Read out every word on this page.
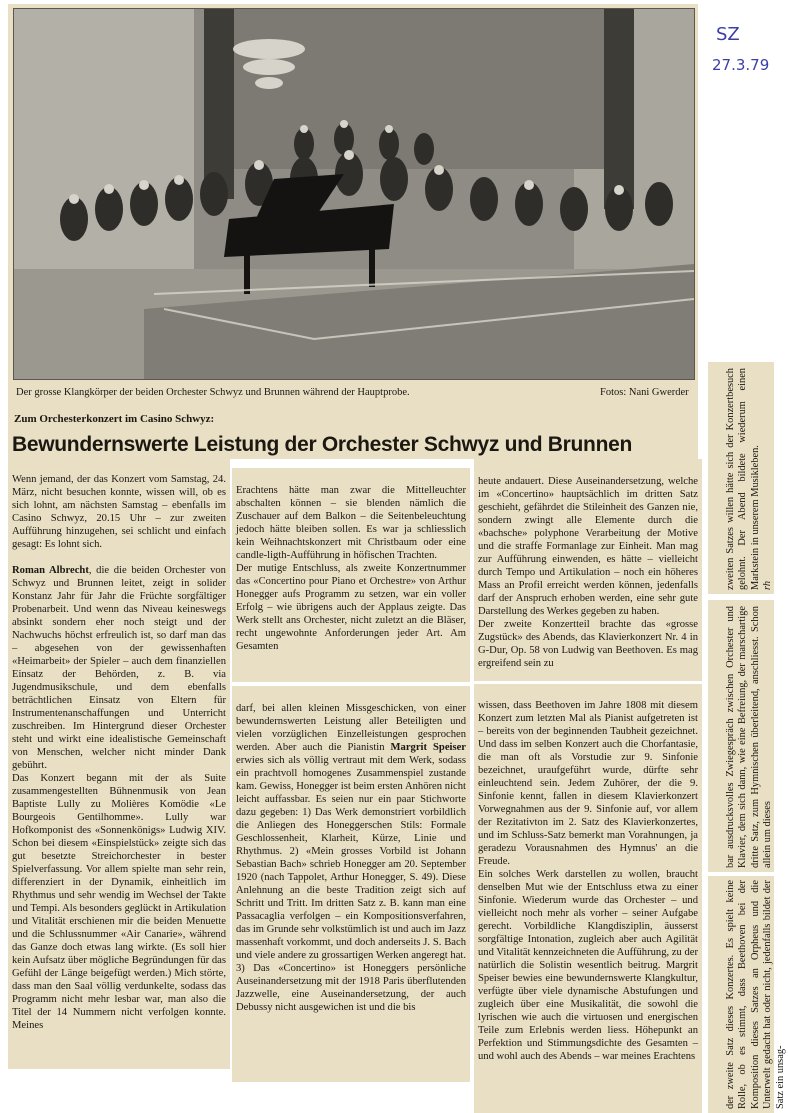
SZ
27.3.79
Der grosse Klangkörper der beiden Orchester Schwyz und Brunnen während der Hauptprobe.	Fotos: Nani Gwerder
Zum Orchesterkonzert im Casino Schwyz:
Bewundernswerte Leistung der Orchester Schwyz und Brunnen

Wenn jemand, der das Konzert vom Samstag, 24. März, nicht besuchen konnte, wissen will, ob es sich lohnt, am nächsten Samstag – ebenfalls im Casino Schwyz, 20.15 Uhr – zur zweiten Aufführung hinzugehen, sei schlicht und einfach gesagt: Es lohnt sich.

Roman Albrecht, die die beiden Orchester von Schwyz und Brunnen leitet, zeigt in solider Konstanz Jahr für Jahr die Früchte sorgfältiger Probenarbeit. Und wenn das Niveau keineswegs absinkt sondern eher noch steigt und der Nachwuchs höchst erfreulich ist, so darf man das – abgesehen von der gewissenhaften «Heimarbeit» der Spieler – auch dem finanziellen Einsatz der Behörden, z. B. via Jugendmusikschule, und dem ebenfalls beträchtlichen Einsatz von Eltern für Instrumentenanschaffungen und Unterricht zuschreiben. Im Hintergrund dieser Orchester steht und wirkt eine idealistische Gemeinschaft von Menschen, welcher nicht minder Dank gebührt.
Das Konzert begann mit der als Suite zusammengestellten Bühnenmusik von Jean Baptiste Lully zu Molières Komödie «Le Bourgeois Gentilhomme». Lully war Hofkomponist des «Sonnenkönigs» Ludwig XIV. Schon bei diesem «Einspielstück» zeigte sich das gut besetzte Streichorchester in bester Spielverfassung. Vor allem spielte man sehr rein, differenziert in der Dynamik, einheitlich im Rhythmus und sehr wendig im Wechsel der Takte und Tempi. Als besonders geglückt in Artikulation und Vitalität erschienen mir die beiden Menuette und die Schlussnummer «Air Canarie», während das Ganze doch etwas lang wirkte. (Es soll hier kein Aufsatz über mögliche Begründungen für das Gefühl der Länge beigefügt werden.) Mich störte, dass man den Saal völlig verdunkelte, sodass das Programm nicht mehr lesbar war, man also die Titel der 14 Nummern nicht verfolgen konnte. Meines

Erachtens hätte man zwar die Mittelleuchter abschalten können – sie blenden nämlich die Zuschauer auf dem Balkon – die Seitenbeleuchtung jedoch hätte bleiben sollen. Es war ja schliesslich kein Weihnachtskonzert mit Christbaum oder eine candle-ligth-Aufführung in höfischen Trachten.
Der mutige Entschluss, als zweite Konzertnummer das «Concertino pour Piano et Orchestre» von Arthur Honegger aufs Programm zu setzen, war ein voller Erfolg – wie übrigens auch der Applaus zeigte. Das Werk stellt ans Orchester, nicht zuletzt an die Bläser, recht ungewohnte Anforderungen jeder Art. Am Gesamten

darf, bei allen kleinen Missgeschicken, von einer bewundernswerten Leistung aller Beteiligten und vielen vorzüglichen Einzelleistungen gesprochen werden. Aber auch die Pianistin Margrit Speiser erwies sich als völlig vertraut mit dem Werk, sodass ein prachtvoll homogenes Zusammenspiel zustande kam. Gewiss, Honegger ist beim ersten Anhören nicht leicht auffassbar. Es seien nur ein paar Stichworte dazu gegeben: 1) Das Werk demonstriert vorbildlich die Anliegen des Honeggerschen Stils: Formale Geschlossenheit, Klarheit, Kürze, Linie und Rhythmus. 2) «Mein grosses Vorbild ist Johann Sebastian Bach» schrieb Honegger am 20. September 1920 (nach Tappolet, Arthur Honegger, S. 49). Diese Anlehnung an die beste Tradition zeigt sich auf Schritt und Tritt. Im dritten Satz z. B. kann man eine Passacaglia verfolgen – ein Kompositionsverfahren, das im Grunde sehr volkstümlich ist und auch im Jazz massenhaft vorkommt, und doch anderseits J. S. Bach und viele andere zu grossartigen Werken angeregt hat. 3) Das «Concertino» ist Honeggers persönliche Auseinandersetzung mit der 1918 Paris überflutenden Jazzwelle, eine Auseinandersetzung, der auch Debussy nicht ausgewichen ist und die bis

heute andauert. Diese Auseinandersetzung, welche im «Concertino» hauptsächlich im dritten Satz geschieht, gefährdet die Stileinheit des Ganzen nie, sondern zwingt alle Elemente durch die «bachsche» polyphone Verarbeitung der Motive und die straffe Formanlage zur Einheit. Man mag zur Aufführung einwenden, es hätte – vielleicht durch Tempo und Artikulation – noch ein höheres Mass an Profil erreicht werden können, jedenfalls darf der Anspruch erhoben werden, eine sehr gute Darstellung des Werkes gegeben zu haben.
Der zweite Konzertteil brachte das «grosse Zugstück» des Abends, das Klavierkonzert Nr. 4 in G-Dur, Op. 58 von Ludwig van Beethoven. Es mag ergreifend sein zu

wissen, dass Beethoven im Jahre 1808 mit diesem Konzert zum letzten Mal als Pianist aufgetreten ist – bereits von der beginnenden Taubheit gezeichnet. Und dass im selben Konzert auch die Chorfantasie, die man oft als Vorstudie zur 9. Sinfonie bezeichnet, uraufgeführt wurde, dürfte sehr einleuchtend sein. Jedem Zuhörer, der die 9. Sinfonie kennt, fallen in diesem Klavierkonzert Vorwegnahmen aus der 9. Sinfonie auf, vor allem der Rezitativton im 2. Satz des Klavierkonzertes, und im Schluss-Satz bemerkt man Vorahnungen, ja geradezu Vorausnahmen des Hymnus' an die Freude.
Ein solches Werk darstellen zu wollen, braucht denselben Mut wie der Entschluss etwa zu einer Sinfonie. Wiederum wurde das Orchester – und vielleicht noch mehr als vorher – seiner Aufgabe gerecht. Vorbildliche Klangdisziplin, äusserst sorgfältige Intonation, zugleich aber auch Agilität und Vitalität kennzeichneten die Aufführung, zu der natürlich die Solistin wesentlich beitrug. Margrit Speiser bewies eine bewundernswerte Klangkultur, verfügte über viele dynamische Abstufungen und zugleich über eine Musikalität, die sowohl die lyrischen wie auch die virtuosen und energischen Teile zum Erlebnis werden liess. Höhepunkt an Perfektion und Stimmungsdichte des Gesamten – und wohl auch des Abends – war meines Erachtens

zweiten Satzes willen hätte sich der Konzertbesuch gelohnt. Der Abend bildete wiederum einen Markstein in unserem Musikleben. rh

bar ausdrucksvolles Zwiegespräch zwischen Orchester und Klavier, dem sich dann, wie eine Befreiung, der marschartige dritte Satz, zum Hymnischen überleitend, anschliesst. Schon allein um dieses

der zweite Satz dieses Konzertes. Es spielt keine Rolle, ob es stimmt, dass Beethoven bei der Komposition dieses Satzes an Orpheus und die Unterwelt gedacht hat oder nicht, jedenfalls bildet der Satz ein unsag-
